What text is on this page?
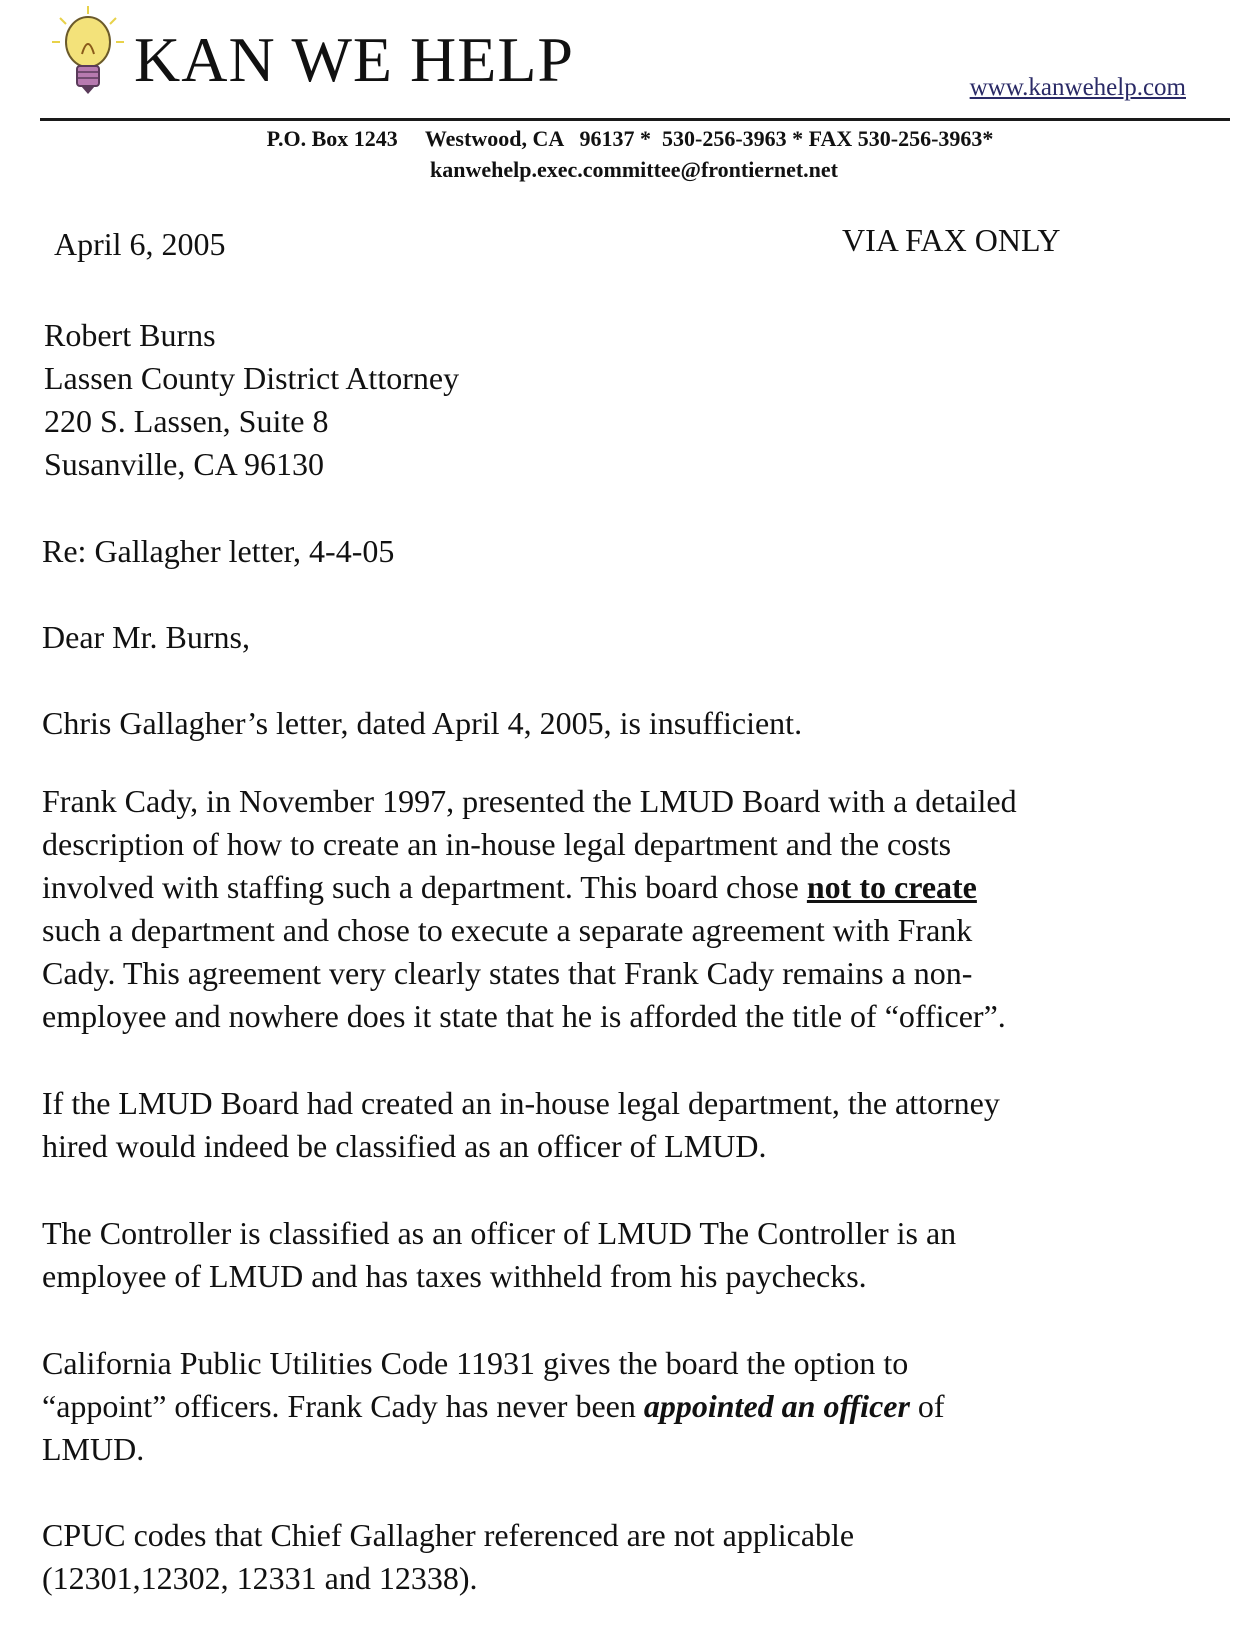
KAN WE HELP	www.kanwehelp.com
P.O. Box 1243     Westwood, CA   96137 *  530-256-3963 * FAX 530-256-3963*
kanwehelp.exec.committee@frontiernet.net
April 6, 2005	VIA FAX ONLY
Robert Burns
Lassen County District Attorney
220 S. Lassen, Suite 8
Susanville, CA 96130
Re: Gallagher letter, 4-4-05
Dear Mr. Burns,
Chris Gallagher’s letter, dated April 4, 2005, is insufficient.
Frank Cady, in November 1997, presented the LMUD Board with a detailed
description of how to create an in-house legal department and the costs
involved with staffing such a department. This board chose not to create
such a department and chose to execute a separate agreement with Frank
Cady. This agreement very clearly states that Frank Cady remains a non-
employee and nowhere does it state that he is afforded the title of “officer”.
If the LMUD Board had created an in-house legal department, the attorney
hired would indeed be classified as an officer of LMUD.
The Controller is classified as an officer of LMUD The Controller is an
employee of LMUD and has taxes withheld from his paychecks.
California Public Utilities Code 11931 gives the board the option to
“appoint” officers. Frank Cady has never been appointed an officer of
LMUD.
CPUC codes that Chief Gallagher referenced are not applicable
(12301,12302, 12331 and 12338).
